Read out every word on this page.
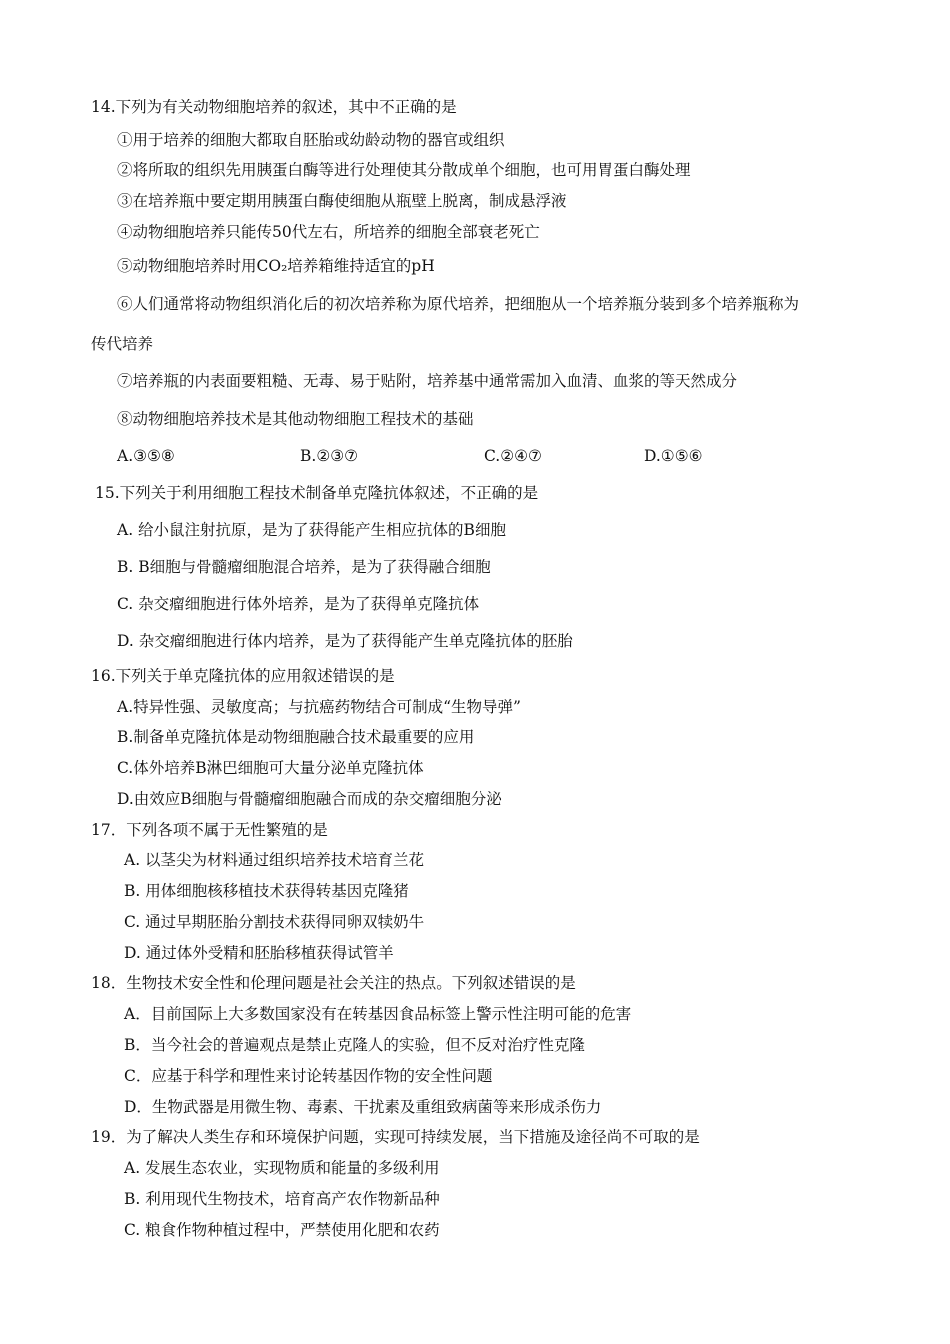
14.下列为有关动物细胞培养的叙述，其中不正确的是
①用于培养的细胞大都取自胚胎或幼龄动物的器官或组织
②将所取的组织先用胰蛋白酶等进行处理使其分散成单个细胞，也可用胃蛋白酶处理
③在培养瓶中要定期用胰蛋白酶使细胞从瓶壁上脱离，制成悬浮液
④动物细胞培养只能传50代左右，所培养的细胞全部衰老死亡
⑤动物细胞培养时用CO₂培养箱维持适宜的pH
⑥人们通常将动物组织消化后的初次培养称为原代培养，把细胞从一个培养瓶分装到多个培养瓶称为
传代培养
⑦培养瓶的内表面要粗糙、无毒、易于贴附，培养基中通常需加入血清、血浆的等天然成分
⑧动物细胞培养技术是其他动物细胞工程技术的基础
A.③⑤⑧	B.②③⑦	C.②④⑦	D.①⑤⑥
15.下列关于利用细胞工程技术制备单克隆抗体叙述，不正确的是
A. 给小鼠注射抗原，是为了获得能产生相应抗体的B细胞
B. B细胞与骨髓瘤细胞混合培养，是为了获得融合细胞
C. 杂交瘤细胞进行体外培养，是为了获得单克隆抗体
D. 杂交瘤细胞进行体内培养，是为了获得能产生单克隆抗体的胚胎
16.下列关于单克隆抗体的应用叙述错误的是
A.特异性强、灵敏度高；与抗癌药物结合可制成“生物导弹”
B.制备单克隆抗体是动物细胞融合技术最重要的应用
C.体外培养B淋巴细胞可大量分泌单克隆抗体
D.由效应B细胞与骨髓瘤细胞融合而成的杂交瘤细胞分泌
17．下列各项不属于无性繁殖的是
A. 以茎尖为材料通过组织培养技术培育兰花
B. 用体细胞核移植技术获得转基因克隆猪
C. 通过早期胚胎分割技术获得同卵双犊奶牛
D. 通过体外受精和胚胎移植获得试管羊
18．生物技术安全性和伦理问题是社会关注的热点。下列叙述错误的是
A．目前国际上大多数国家没有在转基因食品标签上警示性注明可能的危害
B．当今社会的普遍观点是禁止克隆人的实验，但不反对治疗性克隆
C．应基于科学和理性来讨论转基因作物的安全性问题
D．生物武器是用微生物、毒素、干扰素及重组致病菌等来形成杀伤力
19．为了解决人类生存和环境保护问题，实现可持续发展，当下措施及途径尚不可取的是
A. 发展生态农业，实现物质和能量的多级利用
B. 利用现代生物技术，培育高产农作物新品种
C. 粮食作物种植过程中，严禁使用化肥和农药
